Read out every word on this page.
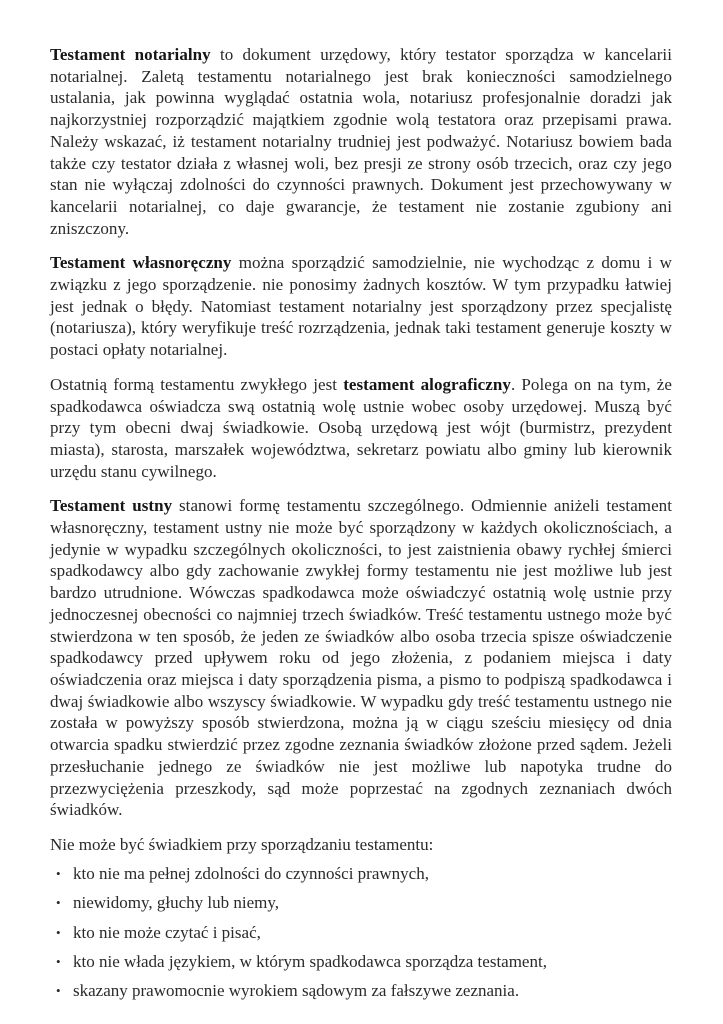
Testament notarialny to dokument urzędowy, który testator sporządza w kancelarii notarialnej. Zaletą testamentu notarialnego jest brak konieczności samodzielnego ustalania, jak powinna wyglądać ostatnia wola, notariusz profesjonalnie doradzi jak najkorzystniej rozporządzić majątkiem zgodnie wolą testatora oraz przepisami prawa. Należy wskazać, iż testament notarialny trudniej jest podważyć. Notariusz bowiem bada także czy testator działa z własnej woli, bez presji ze strony osób trzecich, oraz czy jego stan nie wyłączaj zdolności do czynności prawnych. Dokument jest przechowywany w kancelarii notarialnej, co daje gwarancje, że testament nie zostanie zgubiony ani zniszczony.

Testament własnoręczny można sporządzić samodzielnie, nie wychodząc z domu i w związku z jego sporządzenie. nie ponosimy żadnych kosztów. W tym przypadku łatwiej jest jednak o błędy. Natomiast testament notarialny jest sporządzony przez specjalistę (notariusza), który weryfikuje treść rozrządzenia, jednak taki testament generuje koszty w postaci opłaty notarialnej.

Ostatnią formą testamentu zwykłego jest testament alograficzny. Polega on na tym, że spadkodawca oświadcza swą ostatnią wolę ustnie wobec osoby urzędowej. Muszą być przy tym obecni dwaj świadkowie. Osobą urzędową jest wójt (burmistrz, prezydent miasta), starosta, marszałek województwa, sekretarz powiatu albo gminy lub kierownik urzędu stanu cywilnego.

Testament ustny stanowi formę testamentu szczególnego. Odmiennie aniżeli testament własnoręczny, testament ustny nie może być sporządzony w każdych okolicznościach, a jedynie w wypadku szczególnych okoliczności, to jest zaistnienia obawy rychłej śmierci spadkodawcy albo gdy zachowanie zwykłej formy testamentu nie jest możliwe lub jest bardzo utrudnione. Wówczas spadkodawca może oświadczyć ostatnią wolę ustnie przy jednoczesnej obecności co najmniej trzech świadków. Treść testamentu ustnego może być stwierdzona w ten sposób, że jeden ze świadków albo osoba trzecia spisze oświadczenie spadkodawcy przed upływem roku od jego złożenia, z podaniem miejsca i daty oświadczenia oraz miejsca i daty sporządzenia pisma, a pismo to podpiszą spadkodawca i dwaj świadkowie albo wszyscy świadkowie. W wypadku gdy treść testamentu ustnego nie została w powyższy sposób stwierdzona, można ją w ciągu sześciu miesięcy od dnia otwarcia spadku stwierdzić przez zgodne zeznania świadków złożone przed sądem. Jeżeli przesłuchanie jednego ze świadków nie jest możliwe lub napotyka trudne do przezwyciężenia przeszkody, sąd może poprzestać na zgodnych zeznaniach dwóch świadków.

Nie może być świadkiem przy sporządzaniu testamentu:

• kto nie ma pełnej zdolności do czynności prawnych,
• niewidomy, głuchy lub niemy,
• kto nie może czytać i pisać,
• kto nie włada językiem, w którym spadkodawca sporządza testament,
• skazany prawomocnie wyrokiem sądowym za fałszywe zeznania.
